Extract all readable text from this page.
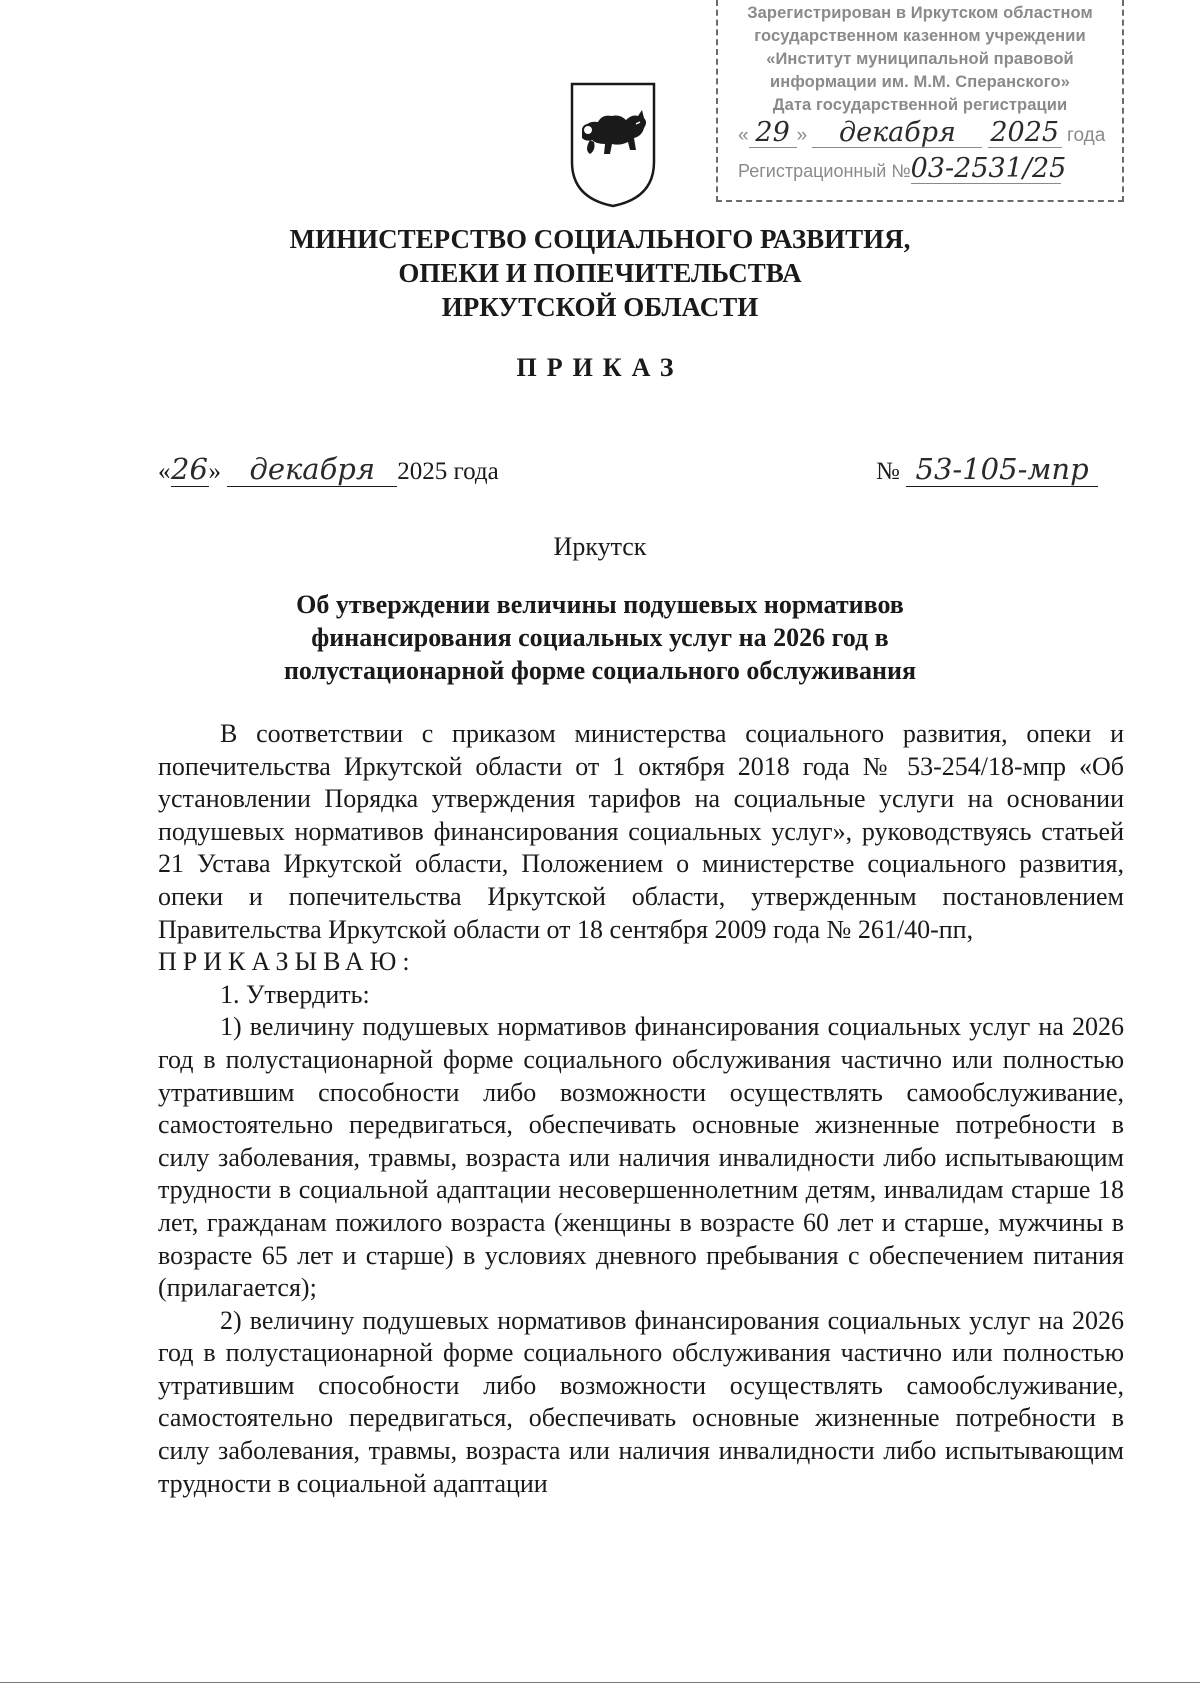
Зарегистрирован в Иркутском областном
государственном казенном учреждении
«Институт муниципальной правовой
информации им. М.М. Сперанского»
Дата государственной регистрации
« 29 » декабря 2025 года
Регистрационный №03-2531/25
МИНИСТЕРСТВО СОЦИАЛЬНОГО РАЗВИТИЯ,
ОПЕКИ И ПОПЕЧИТЕЛЬСТВА
ИРКУТСКОЙ ОБЛАСТИ
ПРИКАЗ
«26» декабря 2025 года	№ 53-105-мпр
Иркутск
Об утверждении величины подушевых нормативов
финансирования социальных услуг на 2026 год в
полустационарной форме социального обслуживания

В соответствии с приказом министерства социального развития, опеки и попечительства Иркутской области от 1 октября 2018 года № 53-254/18-мпр «Об установлении Порядка утверждения тарифов на социальные услуги на основании подушевых нормативов финансирования социальных услуг», руководствуясь статьей 21 Устава Иркутской области, Положением о министерстве социального развития, опеки и попечительства Иркутской области, утвержденным постановлением Правительства Иркутской области от 18 сентября 2009 года № 261/40-пп,

ПРИКАЗЫВАЮ:

1. Утвердить:

1) величину подушевых нормативов финансирования социальных услуг на 2026 год в полустационарной форме социального обслуживания частично или полностью утратившим способности либо возможности осуществлять самообслуживание, самостоятельно передвигаться, обеспечивать основные жизненные потребности в силу заболевания, травмы, возраста или наличия инвалидности либо испытывающим трудности в социальной адаптации несовершеннолетним детям, инвалидам старше 18 лет, гражданам пожилого возраста (женщины в возрасте 60 лет и старше, мужчины в возрасте 65 лет и старше) в условиях дневного пребывания с обеспечением питания (прилагается);

2) величину подушевых нормативов финансирования социальных услуг на 2026 год в полустационарной форме социального обслуживания частично или полностью утратившим способности либо возможности осуществлять самообслуживание, самостоятельно передвигаться, обеспечивать основные жизненные потребности в силу заболевания, травмы, возраста или наличия инвалидности либо испытывающим трудности в социальной адаптации
